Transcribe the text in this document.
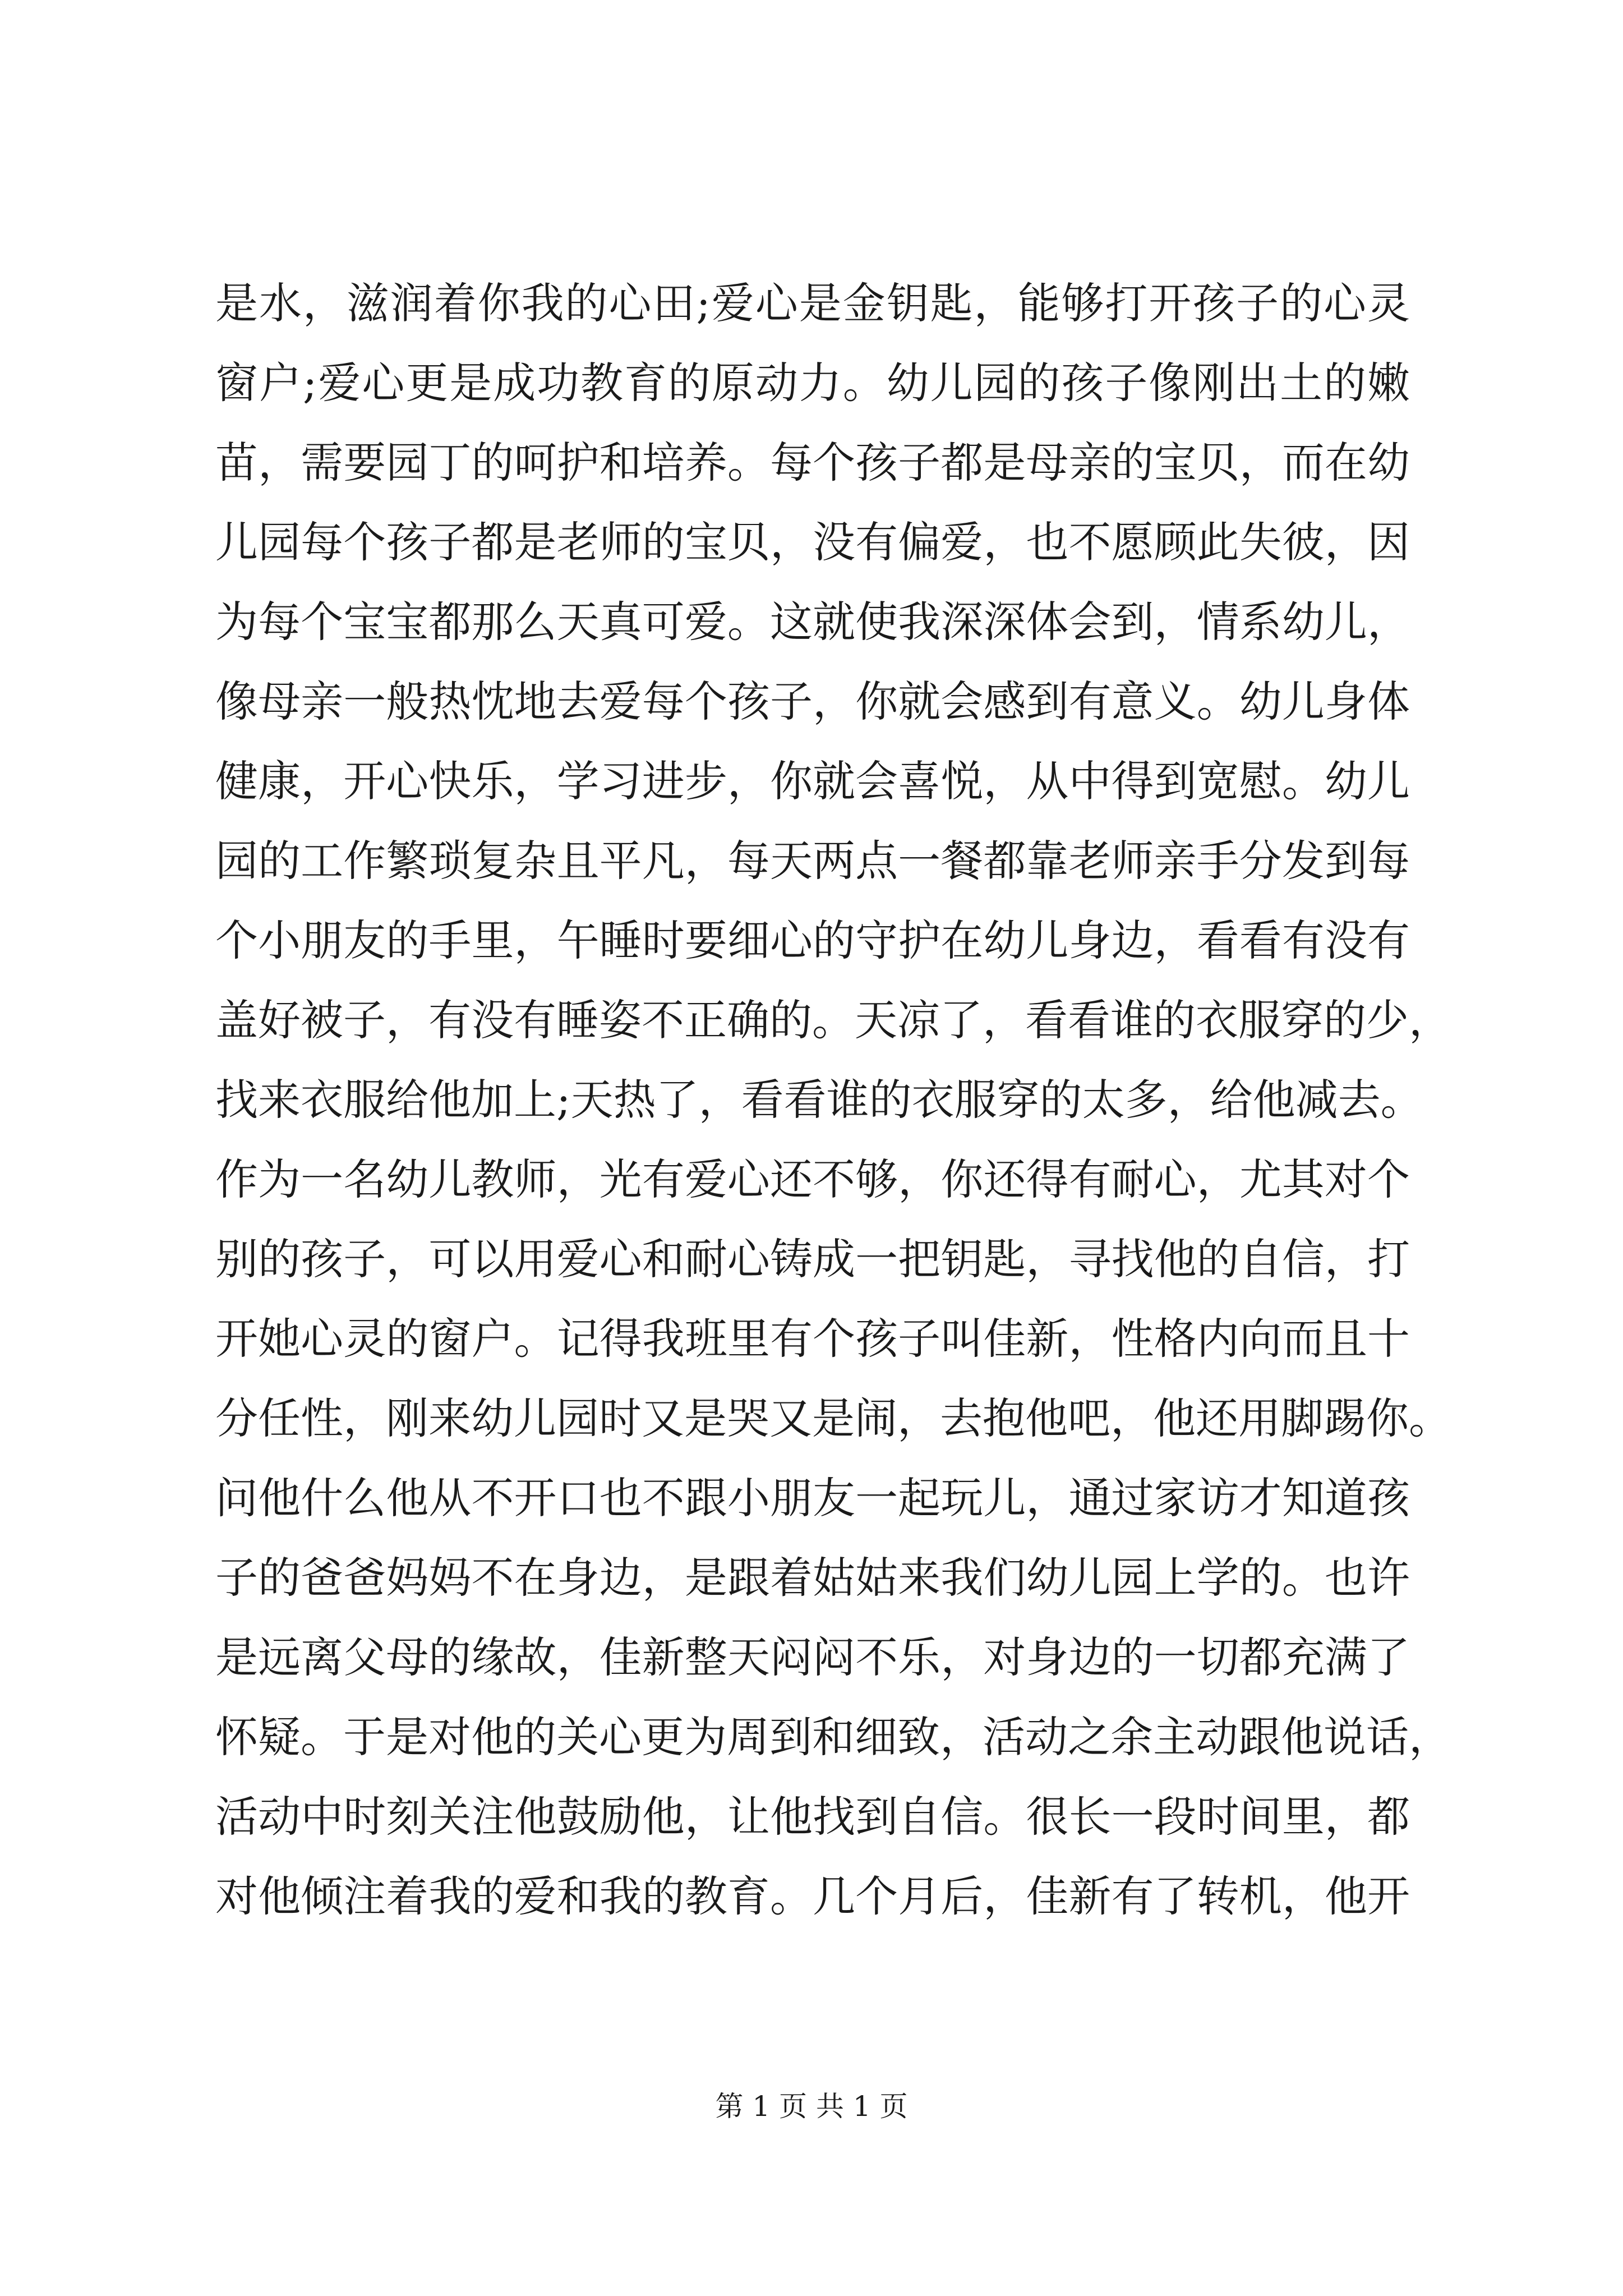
是水，滋润着你我的心田;爱心是金钥匙，能够打开孩子的心灵
窗户;爱心更是成功教育的原动力。幼儿园的孩子像刚出土的嫩
苗，需要园丁的呵护和培养。每个孩子都是母亲的宝贝，而在幼
儿园每个孩子都是老师的宝贝，没有偏爱，也不愿顾此失彼，因
为每个宝宝都那么天真可爱。这就使我深深体会到，情系幼儿，
像母亲一般热忱地去爱每个孩子，你就会感到有意义。幼儿身体
健康，开心快乐，学习进步，你就会喜悦，从中得到宽慰。幼儿
园的工作繁琐复杂且平凡，每天两点一餐都靠老师亲手分发到每
个小朋友的手里，午睡时要细心的守护在幼儿身边，看看有没有
盖好被子，有没有睡姿不正确的。天凉了，看看谁的衣服穿的少，
找来衣服给他加上;天热了，看看谁的衣服穿的太多，给他减去。
作为一名幼儿教师，光有爱心还不够，你还得有耐心，尤其对个
别的孩子，可以用爱心和耐心铸成一把钥匙，寻找他的自信，打
开她心灵的窗户。记得我班里有个孩子叫佳新，性格内向而且十
分任性，刚来幼儿园时又是哭又是闹，去抱他吧，他还用脚踢你。
问他什么他从不开口也不跟小朋友一起玩儿，通过家访才知道孩
子的爸爸妈妈不在身边，是跟着姑姑来我们幼儿园上学的。也许
是远离父母的缘故，佳新整天闷闷不乐，对身边的一切都充满了
怀疑。于是对他的关心更为周到和细致，活动之余主动跟他说话，
活动中时刻关注他鼓励他，让他找到自信。很长一段时间里，都
对他倾注着我的爱和我的教育。几个月后，佳新有了转机，他开
第 1 页 共 1 页
